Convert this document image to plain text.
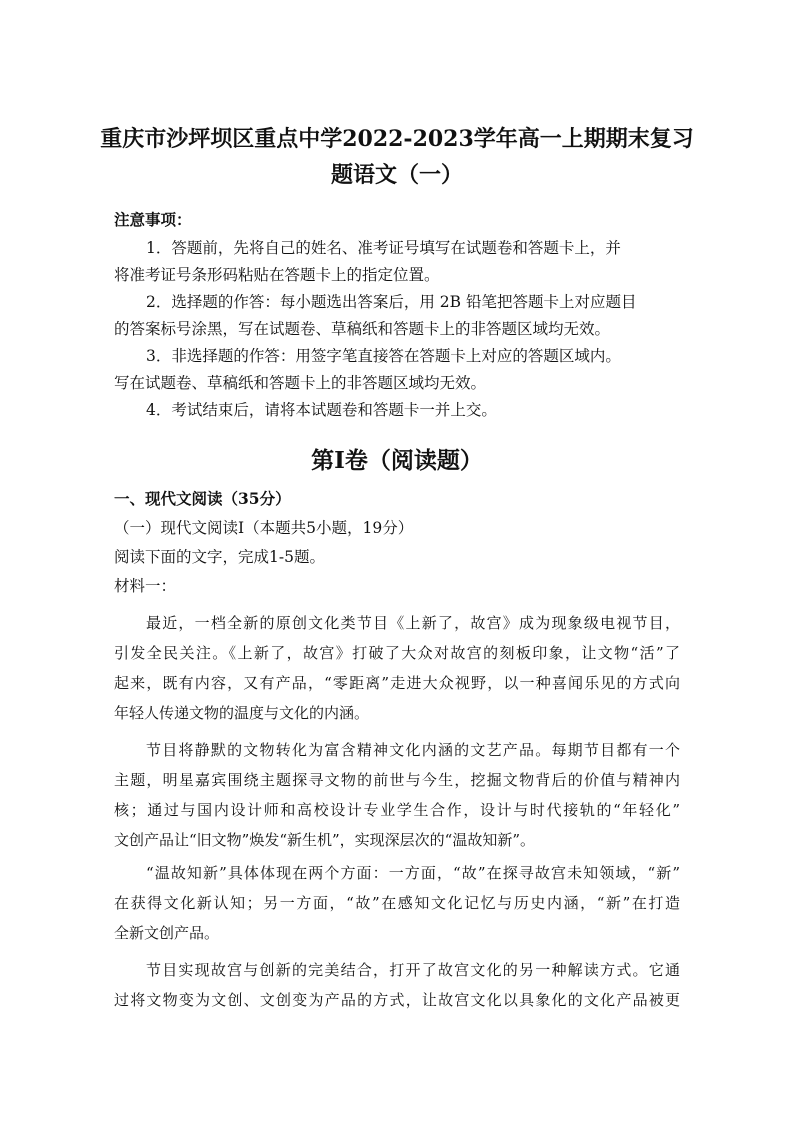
重庆市沙坪坝区重点中学2022-2023学年高一上期期末复习
题语文（一）
注意事项：
1．答题前，先将自己的姓名、准考证号填写在试题卷和答题卡上，并
将准考证号条形码粘贴在答题卡上的指定位置。
2．选择题的作答：每小题选出答案后，用 2B 铅笔把答题卡上对应题目
的答案标号涂黑，写在试题卷、草稿纸和答题卡上的非答题区域均无效。
3．非选择题的作答：用签字笔直接答在答题卡上对应的答题区域内。
写在试题卷、草稿纸和答题卡上的非答题区域均无效。
4．考试结束后，请将本试题卷和答题卡一并上交。
第Ⅰ卷（阅读题）
一、现代文阅读（35分）
（一）现代文阅读Ⅰ（本题共5小题，19分）
阅读下面的文字，完成1-5题。
材料一：
最近，一档全新的原创文化类节目《上新了，故宫》成为现象级电视节目，
引发全民关注。《上新了，故宫》打破了大众对故宫的刻板印象，让文物“活”了
起来，既有内容，又有产品，“零距离”走进大众视野，以一种喜闻乐见的方式向
年轻人传递文物的温度与文化的内涵。
节目将静默的文物转化为富含精神文化内涵的文艺产品。每期节目都有一个
主题，明星嘉宾围绕主题探寻文物的前世与今生，挖掘文物背后的价值与精神内
核；通过与国内设计师和高校设计专业学生合作，设计与时代接轨的“年轻化”
文创产品让“旧文物”焕发“新生机”，实现深层次的“温故知新”。
“温故知新”具体体现在两个方面：一方面，“故”在探寻故宫未知领域，“新”
在获得文化新认知；另一方面，“故”在感知文化记忆与历史内涵，“新”在打造
全新文创产品。
节目实现故宫与创新的完美结合，打开了故宫文化的另一种解读方式。它通
过将文物变为文创、文创变为产品的方式，让故宫文化以具象化的文化产品被更
